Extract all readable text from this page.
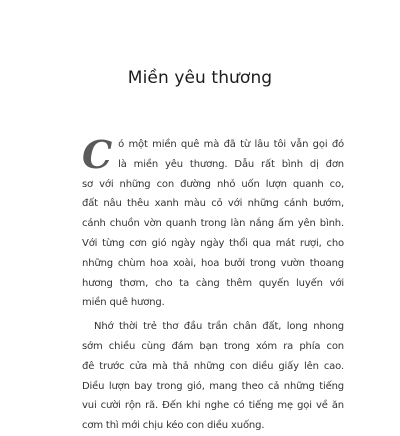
Miền yêu thương

C ó một miền quê mà đã từ lâu tôi vẫn gọi đó
là miền yêu thương. Dẫu rất bình dị đơn
sơ với những con đường nhỏ uốn lượn quanh co,
đất nâu thêu xanh màu cỏ với những cánh bướm,
cánh chuồn vờn quanh trong làn nắng ấm yên bình.
Với từng cơn gió ngày ngày thổi qua mát rượi, cho
những chùm hoa xoài, hoa bưởi trong vườn thoang
hương thơm, cho ta càng thêm quyến luyến với
miền quê hương.

Nhớ thời trẻ thơ đầu trần chân đất, long nhong
sớm chiều cùng đám bạn trong xóm ra phía con
đê trước cửa mà thả những con diều giấy lên cao.
Diều lượn bay trong gió, mang theo cả những tiếng
vui cười rộn rã. Đến khi nghe có tiếng mẹ gọi về ăn
cơm thì mới chịu kéo con diều xuống.
